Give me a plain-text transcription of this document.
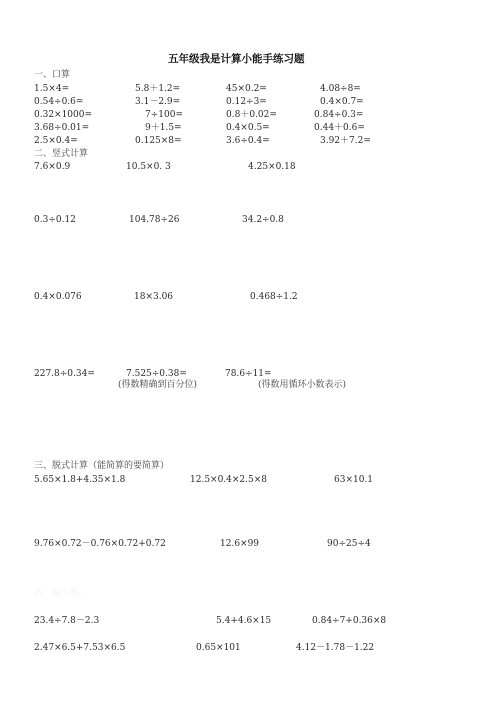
五年级我是计算小能手练习题
一、口算
1.5×4=	5.8＋1.2=	45×0.2=	4.08÷8=
0.54÷0.6=	3.1－2.9=	0.12÷3=	0.4×0.7=
0.32×1000=	7÷100=	0.8＋0.02=	0.84÷0.3=
3.68÷0.01=	9＋1.5=	0.4×0.5=	0.44＋0.6=
2.5×0.4=	0.125×8=	3.6÷0.4=	3.92＋7.2=
二、竖式计算
7.6×0.9	10.5×0. 3	4.25×0.18
0.3÷0.12	104.78÷26	34.2÷0.8
0.4×0.076	18×3.06	0.468÷1.2
227.8÷0.34=	7.525÷0.38=	78.6÷11=
(得数精确到百分位)	(得数用循环小数表示)
三、脱式计算（能简算的要简算）
5.65×1.8+4.35×1.8	12.5×0.4×2.5×8	63×10.1
9.76×0.72－0.76×0.72+0.72	12.6×99	90÷25÷4
四、解方程。
23.4÷7.8－2.3	5.4+4.6×15	0.84÷7+0.36×8
2.47×6.5+7.53×6.5	0.65×101	4.12－1.78－1.22
